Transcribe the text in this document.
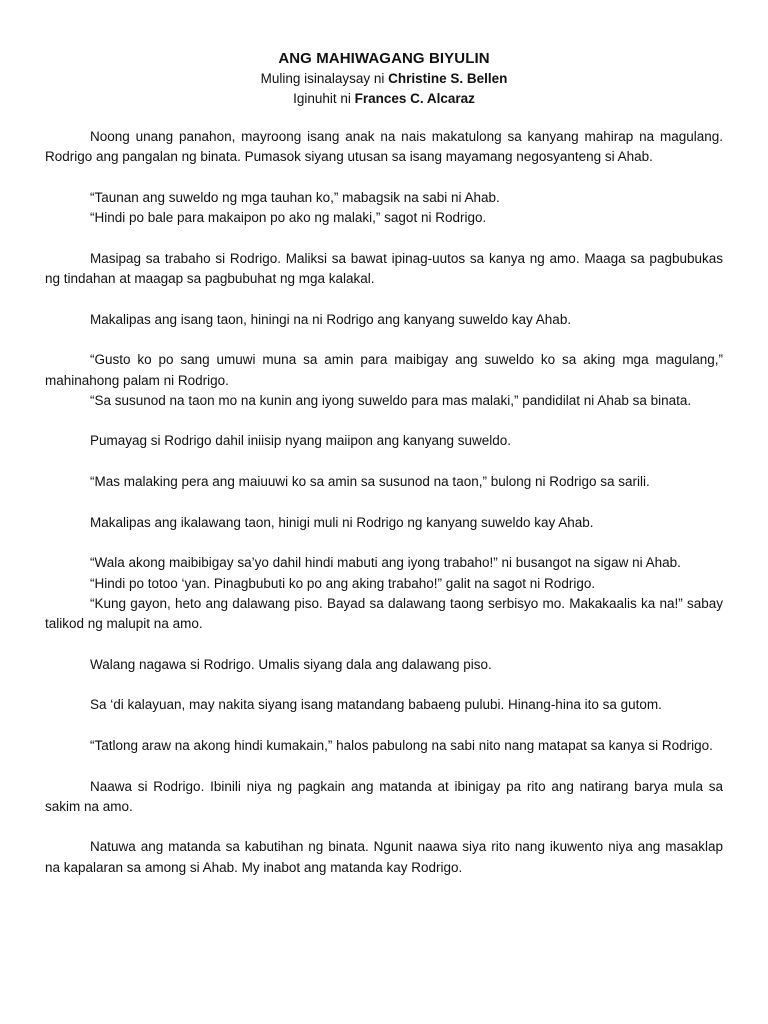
ANG MAHIWAGANG BIYULIN
Muling isinalaysay ni Christine S. Bellen
Iginuhit ni Frances C. Alcaraz

Noong unang panahon, mayroong isang anak na nais makatulong sa kanyang mahirap na magulang. Rodrigo ang pangalan ng binata. Pumasok siyang utusan sa isang mayamang negosyanteng si Ahab.

“Taunan ang suweldo ng mga tauhan ko,” mabagsik na sabi ni Ahab.

“Hindi po bale para makaipon po ako ng malaki,” sagot ni Rodrigo.

Masipag sa trabaho si Rodrigo. Maliksi sa bawat ipinag-uutos sa kanya ng amo. Maaga sa pagbubukas ng tindahan at maagap sa pagbubuhat ng mga kalakal.

Makalipas ang isang taon, hiningi na ni Rodrigo ang kanyang suweldo kay Ahab.

“Gusto ko po sang umuwi muna sa amin para maibigay ang suweldo ko sa aking mga magulang,” mahinahong palam ni Rodrigo.

“Sa susunod na taon mo na kunin ang iyong suweldo para mas malaki,” pandidilat ni Ahab sa binata.

Pumayag si Rodrigo dahil iniisip nyang maiipon ang kanyang suweldo.

“Mas malaking pera ang maiuuwi ko sa amin sa susunod na taon,” bulong ni Rodrigo sa sarili.

Makalipas ang ikalawang taon, hinigi muli ni Rodrigo ng kanyang suweldo kay Ahab.

“Wala akong maibibigay sa’yo dahil hindi mabuti ang iyong trabaho!” ni busangot na sigaw ni Ahab.

“Hindi po totoo ‘yan. Pinagbubuti ko po ang aking trabaho!” galit na sagot ni Rodrigo.

“Kung gayon, heto ang dalawang piso. Bayad sa dalawang taong serbisyo mo. Makakaalis ka na!” sabay talikod ng malupit na amo.

Walang nagawa si Rodrigo. Umalis siyang dala ang dalawang piso.

Sa ‘di kalayuan, may nakita siyang isang matandang babaeng pulubi. Hinang-hina ito sa gutom.

“Tatlong araw na akong hindi kumakain,” halos pabulong na sabi nito nang matapat sa kanya si Rodrigo.

Naawa si Rodrigo. Ibinili niya ng pagkain ang matanda at ibinigay pa rito ang natirang barya mula sa sakim na amo.

Natuwa ang matanda sa kabutihan ng binata. Ngunit naawa siya rito nang ikuwento niya ang masaklap na kapalaran sa among si Ahab. My inabot ang matanda kay Rodrigo.
